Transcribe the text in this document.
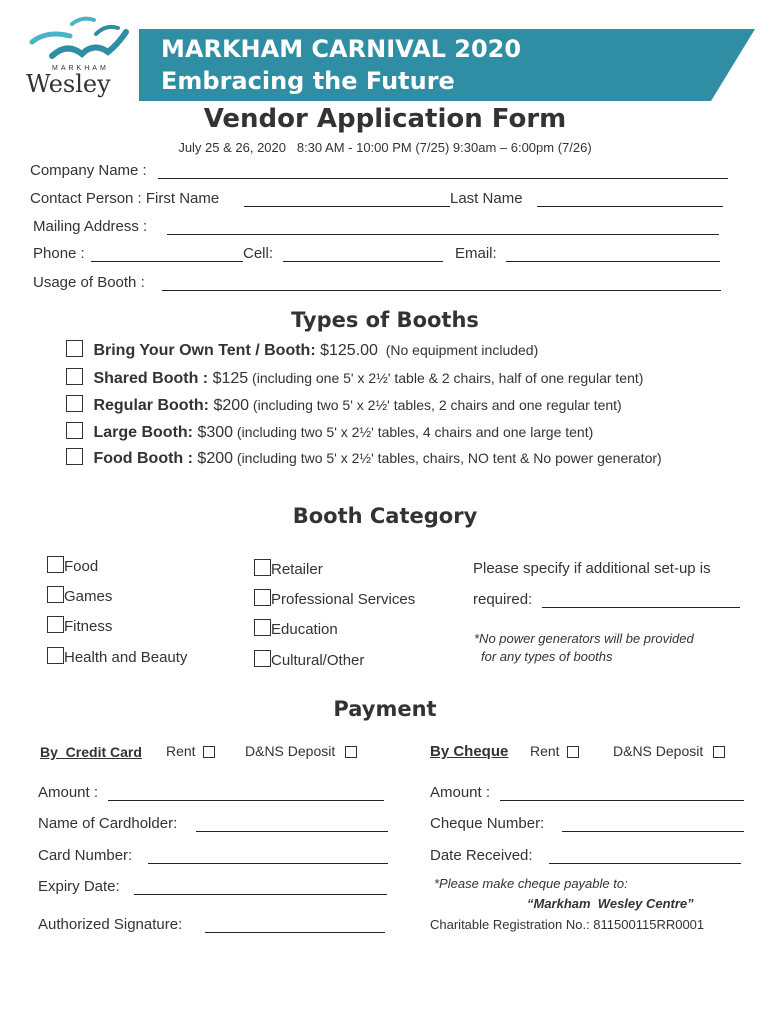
MARKHAM
Wesley
MARKHAM CARNIVAL 2020
Embracing the Future
Vendor Application Form
July 25 & 26, 2020   8:30 AM - 10:00 PM (7/25) 9:30am – 6:00pm (7/26)
Company Name :
Contact Person : First Name	Last Name
Mailing Address :
Phone :	Cell:	Email:
Usage of Booth :
Types of Booths
Bring Your Own Tent / Booth: $125.00  (No equipment included)
Shared Booth : $125 (including one 5' x 2½' table & 2 chairs, half of one regular tent)
Regular Booth: $200 (including two 5' x 2½' tables, 2 chairs and one regular tent)
Large Booth: $300 (including two 5' x 2½' tables, 4 chairs and one large tent)
Food Booth : $200 (including two 5' x 2½' tables, chairs, NO tent & No power generator)
Booth Category
Food
Games
Fitness
Health and Beauty
Retailer
Professional Services
Education
Cultural/Other
Please specify if additional set-up is
required:
*No power generators will be provided
for any types of booths
Payment
By  Credit Card Rent	D&NS Deposit	By Cheque Rent	D&NS Deposit
Amount :
Name of Cardholder:
Card Number:
Expiry Date:
Authorized Signature:
Amount :
Cheque Number:
Date Received:
*Please make cheque payable to:
“Markham  Wesley Centre”
Charitable Registration No.: 811500115RR0001
